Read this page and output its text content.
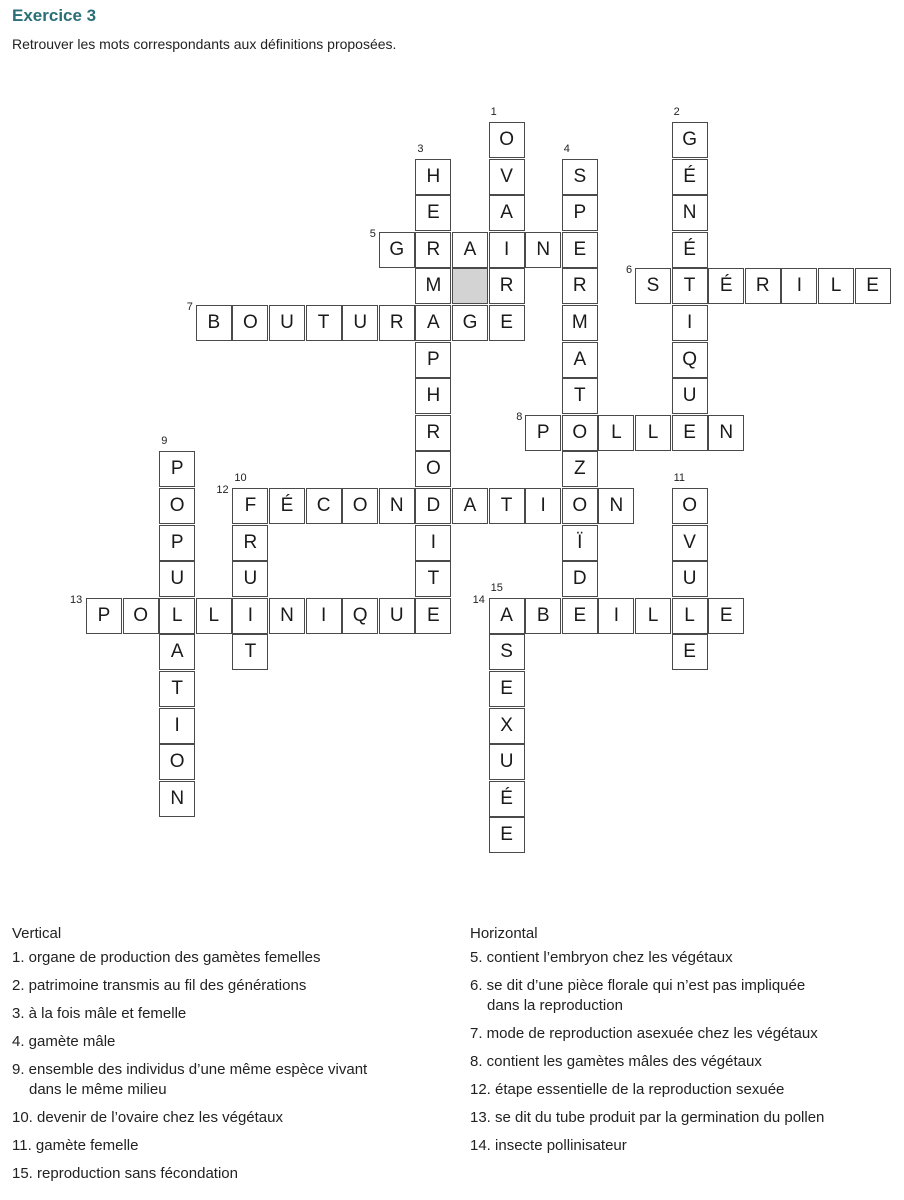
Exercice 3
Retrouver les mots correspondants aux définitions proposées.
O
V
A
I
R
E
G
É
N
É
T
I
Q
U
E
H
E
R
M
A
P
H
R
O
D
I
T
E
S
P
E
R
M
A
T
O
Z
O
Ï
D
E
G	A	N
S	É	R	I	L	E
B	O	U	T	U	R	G
P	L	L	N
P
O
P
U
L
A
T
I
O
N
F
R
U
I
T
O
V
U
L
E
É	C	O	N	A	T	I	N
P	O	L	N	I	Q	U	A	B	I	L	E
S
E
X
U
É
E
1	2
3	4
5
6
7
8
9
10	11
12
13	14
15
Vertical
1. organe de production des gamètes femelles
2. patrimoine transmis au fil des générations
3. à la fois mâle et femelle
4. gamète mâle
9. ensemble des individus d’une même espèce vivant
dans le même milieu
10. devenir de l’ovaire chez les végétaux
11. gamète femelle
15. reproduction sans fécondation
Horizontal
5. contient l’embryon chez les végétaux
6. se dit d’une pièce florale qui n’est pas impliquée
dans la reproduction
7. mode de reproduction asexuée chez les végétaux
8. contient les gamètes mâles des végétaux
12. étape essentielle de la reproduction sexuée
13. se dit du tube produit par la germination du pollen
14. insecte pollinisateur
